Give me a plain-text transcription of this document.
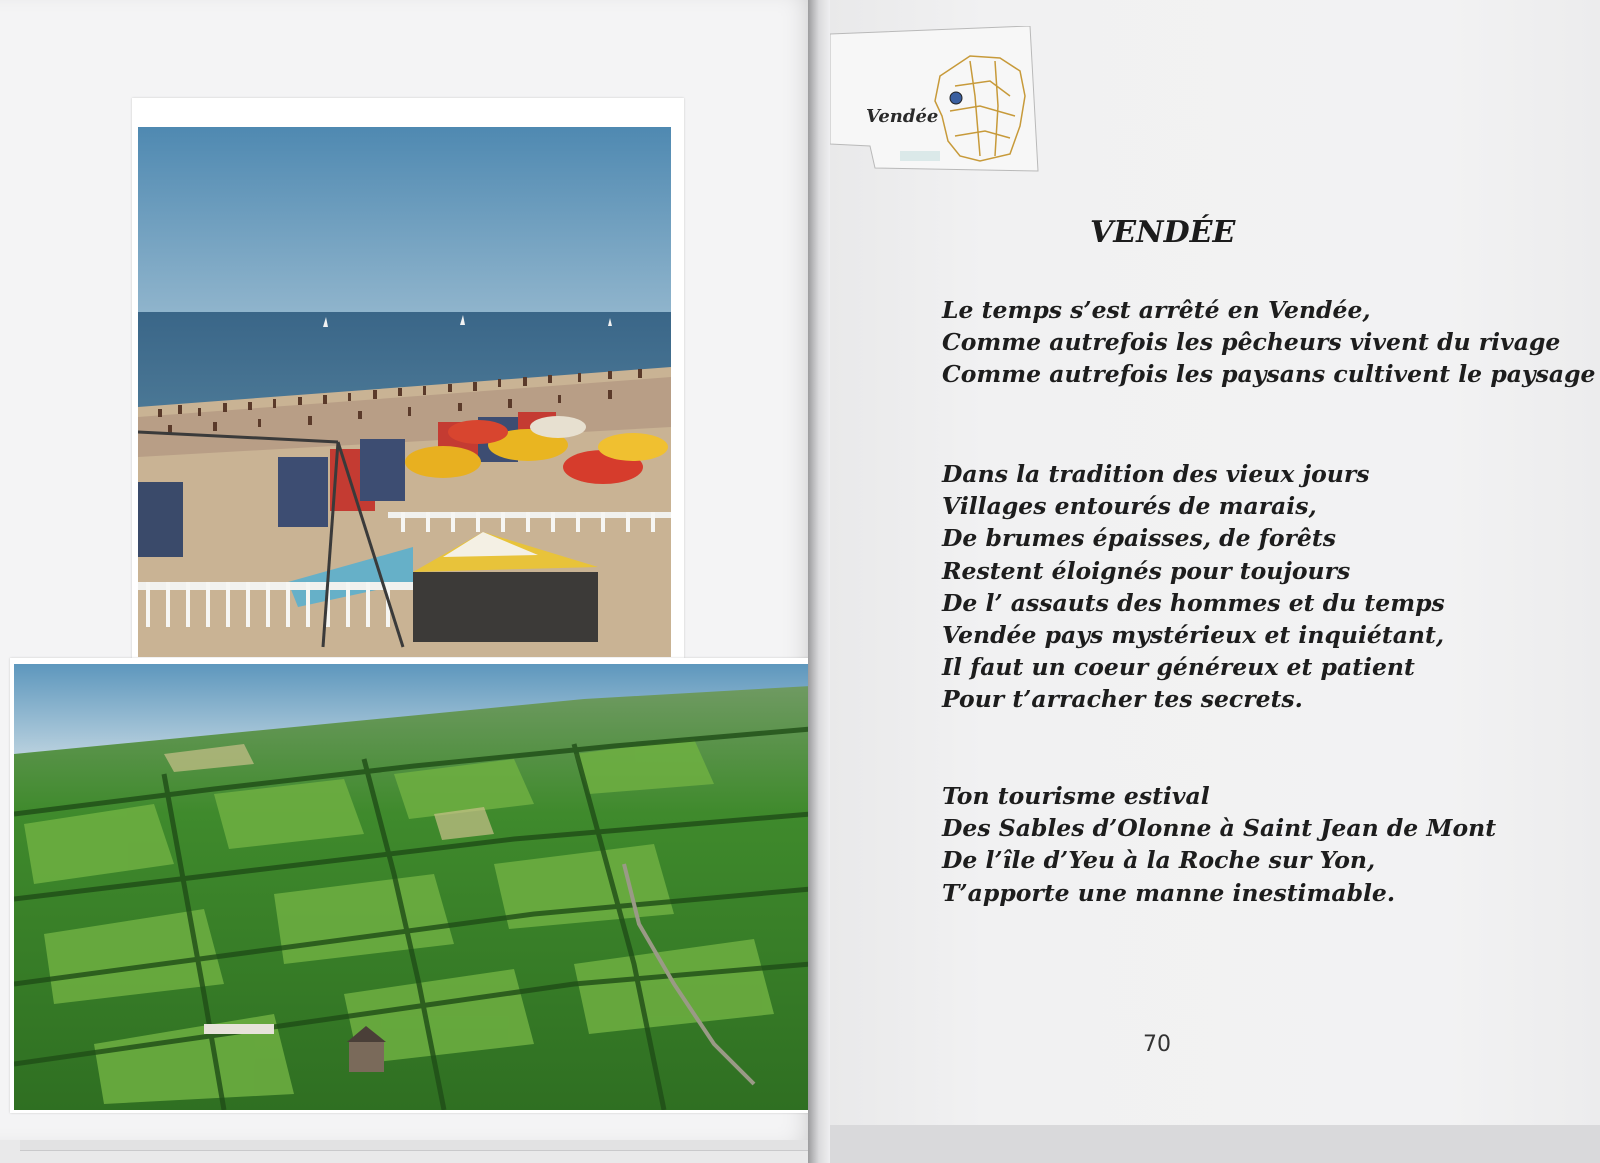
Vendée
VENDÉE
Le temps s’est arrêté en Vendée,
Comme autrefois les pêcheurs vivent du rivage
Comme autrefois les paysans cultivent le paysage
Dans la tradition des vieux jours
Villages entourés de marais,
De brumes épaisses, de forêts
Restent éloignés pour toujours
De l’ assauts des hommes et du temps
Vendée pays mystérieux et inquiétant,
Il faut un coeur généreux et patient
Pour t’arracher tes secrets.
Ton tourisme estival
Des Sables d’Olonne à Saint Jean de Mont
De l’île d’Yeu à la Roche sur Yon,
T’apporte une manne inestimable.
70
